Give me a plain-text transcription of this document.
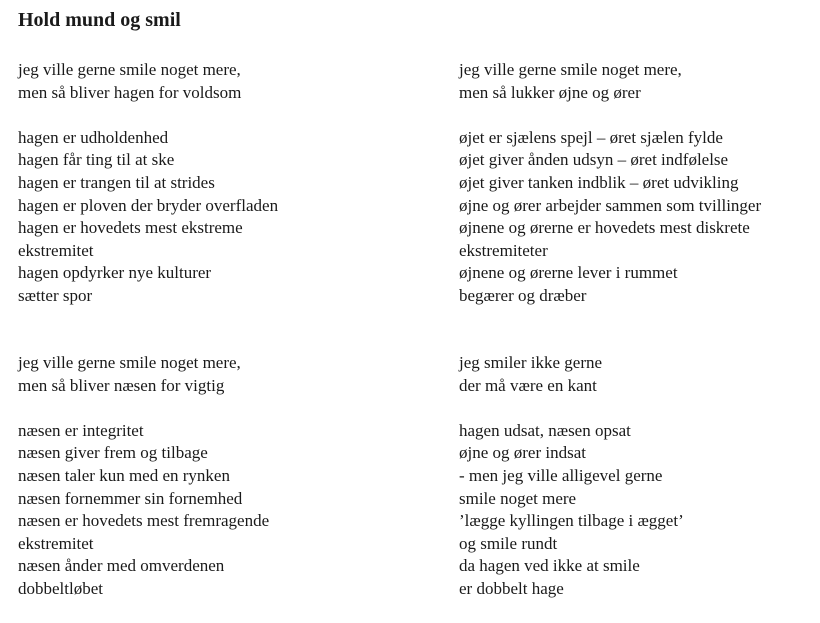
Hold mund og smil
jeg ville gerne smile noget mere,
men så bliver hagen for voldsom
hagen er udholdenhed
hagen får ting til at ske
hagen er trangen til at strides
hagen er ploven der bryder overfladen
hagen er hovedets mest ekstreme
ekstremitet
hagen opdyrker nye kulturer
sætter spor
jeg ville gerne smile noget mere,
men så lukker øjne og ører
øjet er sjælens spejl – øret sjælen fylde
øjet giver ånden udsyn – øret indfølelse
øjet giver tanken indblik – øret udvikling
øjne og ører arbejder sammen som tvillinger
øjnene og ørerne er hovedets mest diskrete
ekstremiteter
øjnene og ørerne lever i rummet
begærer og dræber
jeg ville gerne smile noget mere,
men så bliver næsen for vigtig
næsen er integritet
næsen giver frem og tilbage
næsen taler kun med en rynken
næsen fornemmer sin fornemhed
næsen er hovedets mest fremragende
ekstremitet
næsen ånder med omverdenen
dobbeltløbet
jeg smiler ikke gerne
der må være en kant
hagen udsat, næsen opsat
øjne og ører indsat
- men jeg ville alligevel gerne
smile noget mere
’lægge kyllingen tilbage i ægget’
og smile rundt
da hagen ved ikke at smile
er dobbelt hage
